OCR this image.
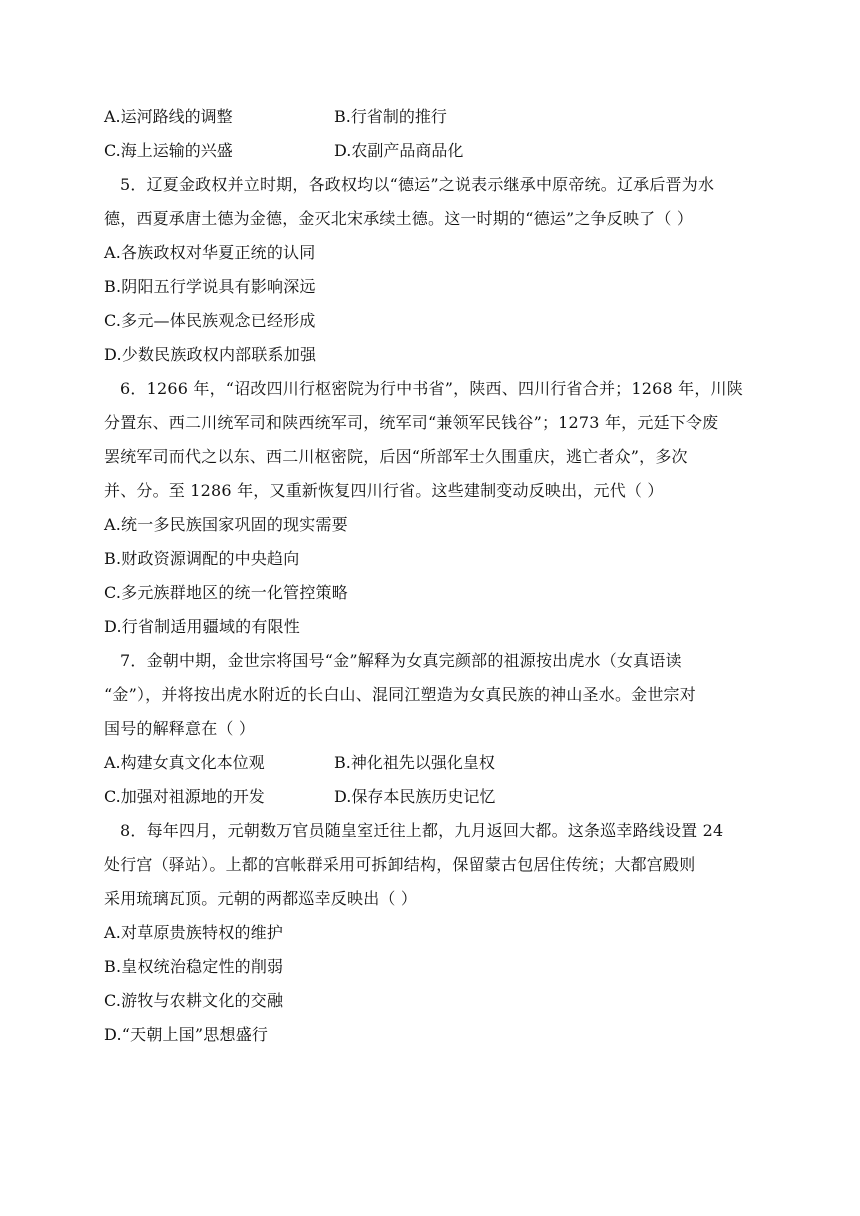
A.运河路线的调整	B.行省制的推行
C.海上运输的兴盛	D.农副产品商品化
5．辽夏金政权并立时期，各政权均以“德运”之说表示继承中原帝统。辽承后晋为水
德，西夏承唐土德为金德，金灭北宋承续土德。这一时期的“德运”之争反映了（ ）
A.各族政权对华夏正统的认同
B.阴阳五行学说具有影响深远
C.多元—体民族观念已经形成
D.少数民族政权内部联系加强
6．1266 年，“诏改四川行枢密院为行中书省”，陕西、四川行省合并；1268 年，川陕
分置东、西二川统军司和陕西统军司，统军司“兼领军民钱谷”；1273 年，元廷下令废
罢统军司而代之以东、西二川枢密院，后因“所部军士久围重庆，逃亡者众”，多次
并、分。至 1286 年，又重新恢复四川行省。这些建制变动反映出，元代（ ）
A.统一多民族国家巩固的现实需要
B.财政资源调配的中央趋向
C.多元族群地区的统一化管控策略
D.行省制适用疆域的有限性
7．金朝中期，金世宗将国号“金”解释为女真完颜部的祖源按出虎水（女真语读
“金”），并将按出虎水附近的长白山、混同江塑造为女真民族的神山圣水。金世宗对
国号的解释意在（ ）
A.构建女真文化本位观	B.神化祖先以强化皇权
C.加强对祖源地的开发	D.保存本民族历史记忆
8．每年四月，元朝数万官员随皇室迁往上都，九月返回大都。这条巡幸路线设置 24
处行宫（驿站）。上都的宫帐群采用可拆卸结构，保留蒙古包居住传统；大都宫殿则
采用琉璃瓦顶。元朝的两都巡幸反映出（ ）
A.对草原贵族特权的维护
B.皇权统治稳定性的削弱
C.游牧与农耕文化的交融
D.“天朝上国”思想盛行
